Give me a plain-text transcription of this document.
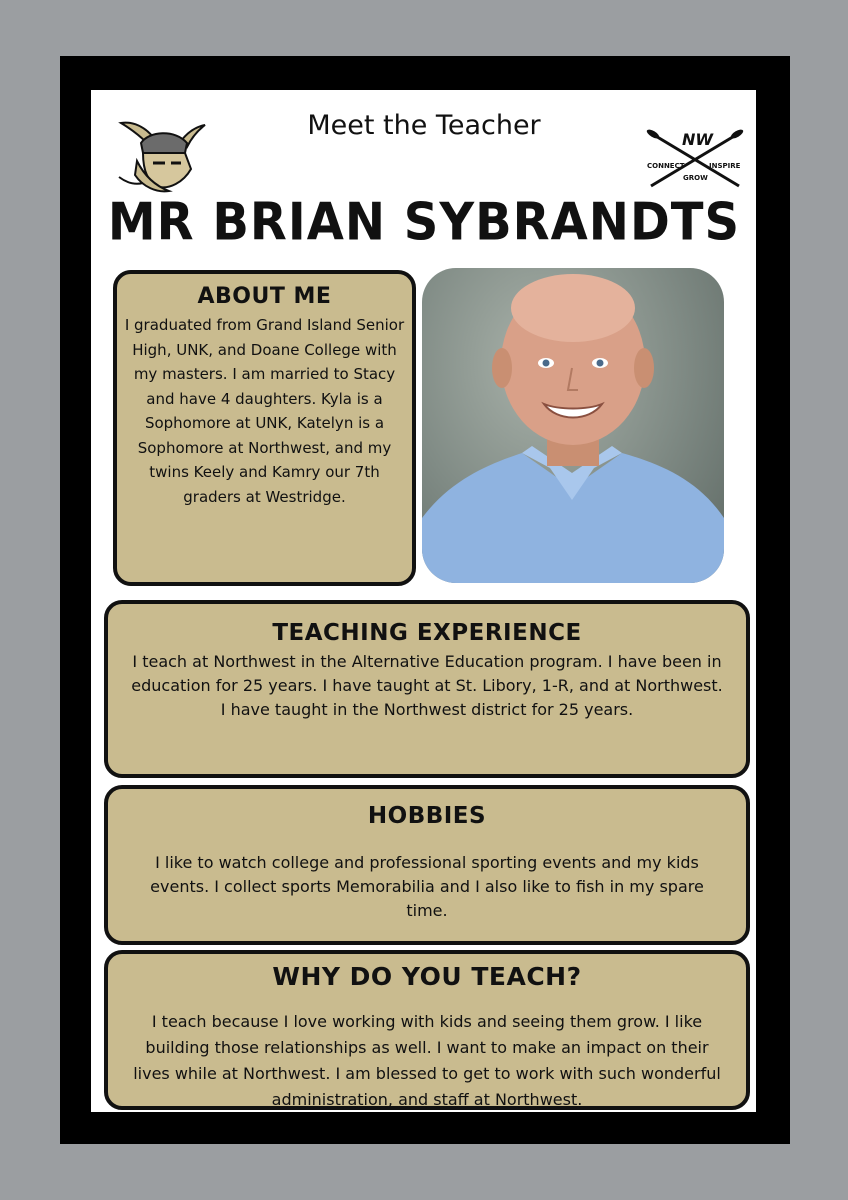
NW
CONNECT	INSPIRE
GROW
Meet the Teacher
MR BRIAN SYBRANDTS
ABOUT ME

I graduated from Grand Island Senior High, UNK, and Doane College with my masters. I am married to Stacy and have 4 daughters. Kyla is a Sophomore at UNK, Katelyn is a Sophomore at Northwest, and my twins Keely and Kamry our 7th graders at Westridge.

TEACHING EXPERIENCE

I teach at Northwest in the Alternative Education program. I have been in education for 25 years. I have taught at St. Libory, 1-R, and at Northwest. I have taught in the Northwest district for 25 years.

HOBBIES

I like to watch college and professional sporting events and my kids events. I collect sports Memorabilia and I also like to fish in my spare time.

WHY DO YOU TEACH?

I teach because I love working with kids and seeing them grow. I like building those relationships as well. I want to make an impact on their lives while at Northwest. I am blessed to get to work with such wonderful administration, and staff at Northwest.
